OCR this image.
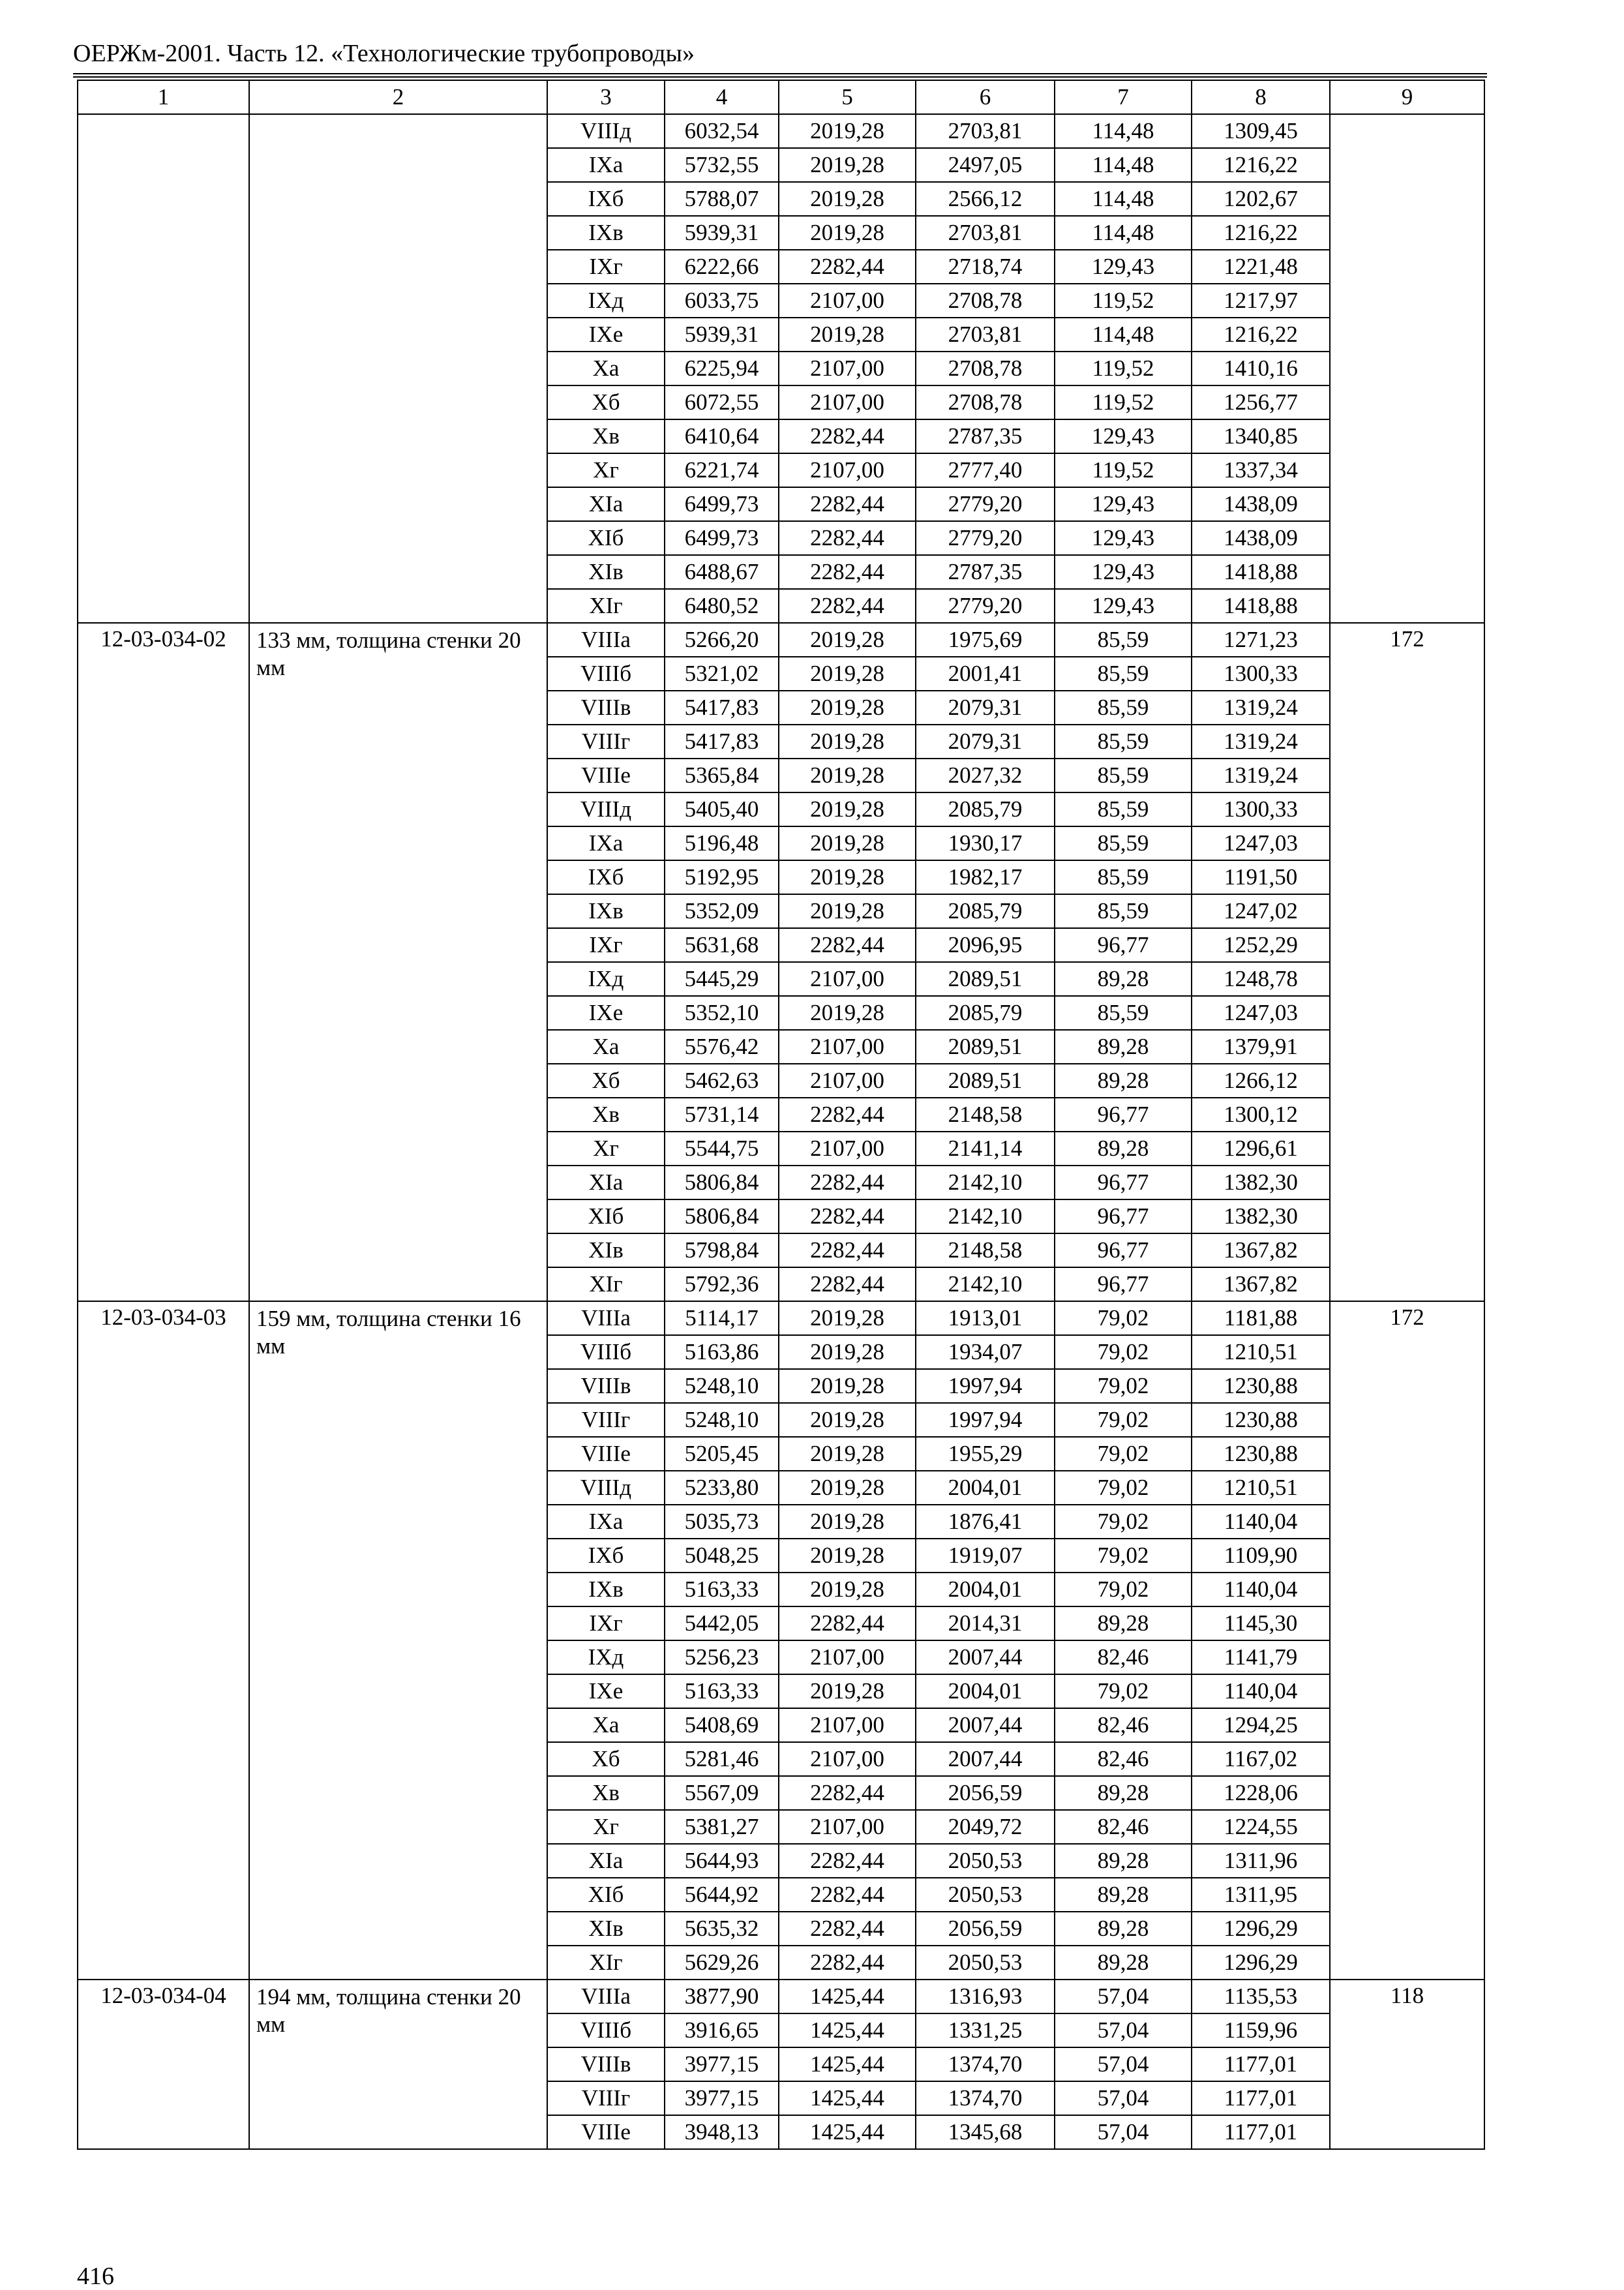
ОЕРЖм-2001. Часть 12. «Технологические трубопроводы»
1	2	3	4	5	6	7	8	9
		VIIIд	6032,54	2019,28	2703,81	114,48	1309,45	
		IXа	5732,55	2019,28	2497,05	114,48	1216,22	
		IXб	5788,07	2019,28	2566,12	114,48	1202,67	
		IXв	5939,31	2019,28	2703,81	114,48	1216,22	
		IXг	6222,66	2282,44	2718,74	129,43	1221,48	
		IXд	6033,75	2107,00	2708,78	119,52	1217,97	
		IXе	5939,31	2019,28	2703,81	114,48	1216,22	
		Xа	6225,94	2107,00	2708,78	119,52	1410,16	
		Xб	6072,55	2107,00	2708,78	119,52	1256,77	
		Xв	6410,64	2282,44	2787,35	129,43	1340,85	
		Xг	6221,74	2107,00	2777,40	119,52	1337,34	
		XIа	6499,73	2282,44	2779,20	129,43	1438,09	
		XIб	6499,73	2282,44	2779,20	129,43	1438,09	
		XIв	6488,67	2282,44	2787,35	129,43	1418,88	
		XIг	6480,52	2282,44	2779,20	129,43	1418,88	
12-03-034-02	133 мм, толщина стенки 20 мм	VIIIа	5266,20	2019,28	1975,69	85,59	1271,23	172
		VIIIб	5321,02	2019,28	2001,41	85,59	1300,33	
		VIIIв	5417,83	2019,28	2079,31	85,59	1319,24	
		VIIIг	5417,83	2019,28	2079,31	85,59	1319,24	
		VIIIе	5365,84	2019,28	2027,32	85,59	1319,24	
		VIIIд	5405,40	2019,28	2085,79	85,59	1300,33	
		IXа	5196,48	2019,28	1930,17	85,59	1247,03	
		IXб	5192,95	2019,28	1982,17	85,59	1191,50	
		IXв	5352,09	2019,28	2085,79	85,59	1247,02	
		IXг	5631,68	2282,44	2096,95	96,77	1252,29	
		IXд	5445,29	2107,00	2089,51	89,28	1248,78	
		IXе	5352,10	2019,28	2085,79	85,59	1247,03	
		Xа	5576,42	2107,00	2089,51	89,28	1379,91	
		Xб	5462,63	2107,00	2089,51	89,28	1266,12	
		Xв	5731,14	2282,44	2148,58	96,77	1300,12	
		Xг	5544,75	2107,00	2141,14	89,28	1296,61	
		XIа	5806,84	2282,44	2142,10	96,77	1382,30	
		XIб	5806,84	2282,44	2142,10	96,77	1382,30	
		XIв	5798,84	2282,44	2148,58	96,77	1367,82	
		XIг	5792,36	2282,44	2142,10	96,77	1367,82	
12-03-034-03	159 мм, толщина стенки 16 мм	VIIIа	5114,17	2019,28	1913,01	79,02	1181,88	172
		VIIIб	5163,86	2019,28	1934,07	79,02	1210,51	
		VIIIв	5248,10	2019,28	1997,94	79,02	1230,88	
		VIIIг	5248,10	2019,28	1997,94	79,02	1230,88	
		VIIIе	5205,45	2019,28	1955,29	79,02	1230,88	
		VIIIд	5233,80	2019,28	2004,01	79,02	1210,51	
		IXа	5035,73	2019,28	1876,41	79,02	1140,04	
		IXб	5048,25	2019,28	1919,07	79,02	1109,90	
		IXв	5163,33	2019,28	2004,01	79,02	1140,04	
		IXг	5442,05	2282,44	2014,31	89,28	1145,30	
		IXд	5256,23	2107,00	2007,44	82,46	1141,79	
		IXе	5163,33	2019,28	2004,01	79,02	1140,04	
		Xа	5408,69	2107,00	2007,44	82,46	1294,25	
		Xб	5281,46	2107,00	2007,44	82,46	1167,02	
		Xв	5567,09	2282,44	2056,59	89,28	1228,06	
		Xг	5381,27	2107,00	2049,72	82,46	1224,55	
		XIа	5644,93	2282,44	2050,53	89,28	1311,96	
		XIб	5644,92	2282,44	2050,53	89,28	1311,95	
		XIв	5635,32	2282,44	2056,59	89,28	1296,29	
		XIг	5629,26	2282,44	2050,53	89,28	1296,29	
12-03-034-04	194 мм, толщина стенки 20 мм	VIIIа	3877,90	1425,44	1316,93	57,04	1135,53	118
		VIIIб	3916,65	1425,44	1331,25	57,04	1159,96	
		VIIIв	3977,15	1425,44	1374,70	57,04	1177,01	
		VIIIг	3977,15	1425,44	1374,70	57,04	1177,01	
		VIIIе	3948,13	1425,44	1345,68	57,04	1177,01	
416
